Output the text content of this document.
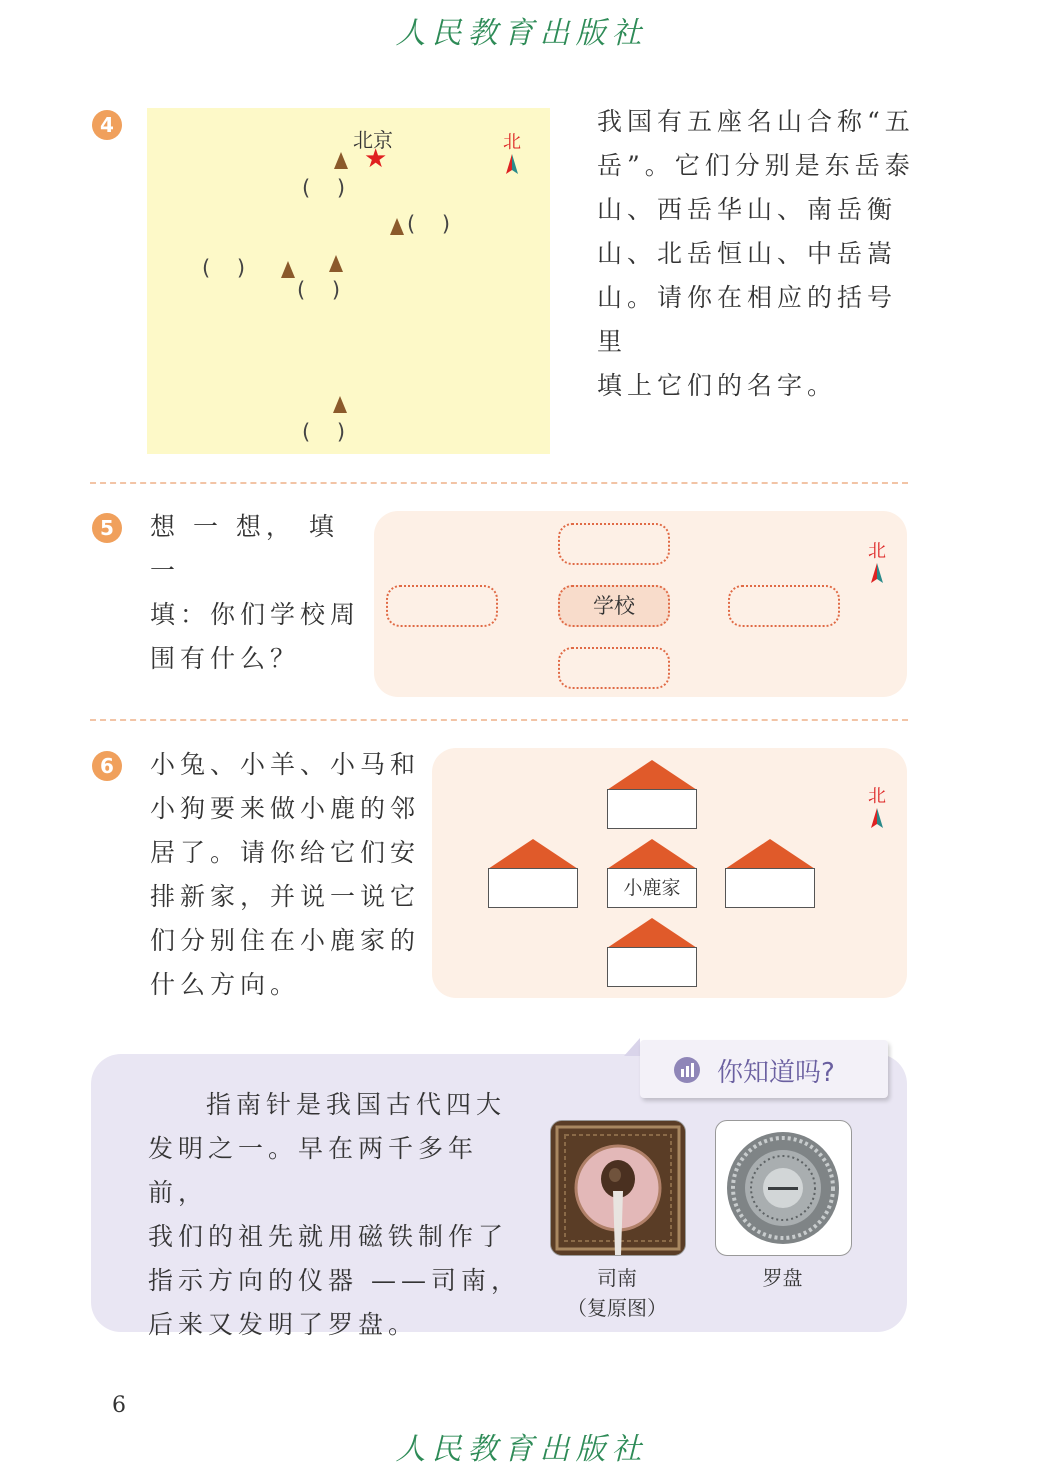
人民教育出版社
4
北京
★
北
(    )
(    )
(    )
(    )
(    )
我国有五座名山合称“五
岳”。它们分别是东岳泰
山、西岳华山、南岳衡
山、北岳恒山、中岳嵩
山。请你在相应的括号里
填上它们的名字。
5	想 一 想， 填 一
填：你们学校周
围有什么？
学校
北
6	小兔、小羊、小马和
小狗要来做小鹿的邻
居了。请你给它们安
排新家，并说一说它
们分别住在小鹿家的
什么方向。
小鹿家
北
你知道吗?
指南针是我国古代四大
发明之一。早在两千多年前，
我们的祖先就用磁铁制作了
指示方向的仪器 ——司南，
后来又发明了罗盘。
司南
（复原图）
罗盘
6
人民教育出版社
